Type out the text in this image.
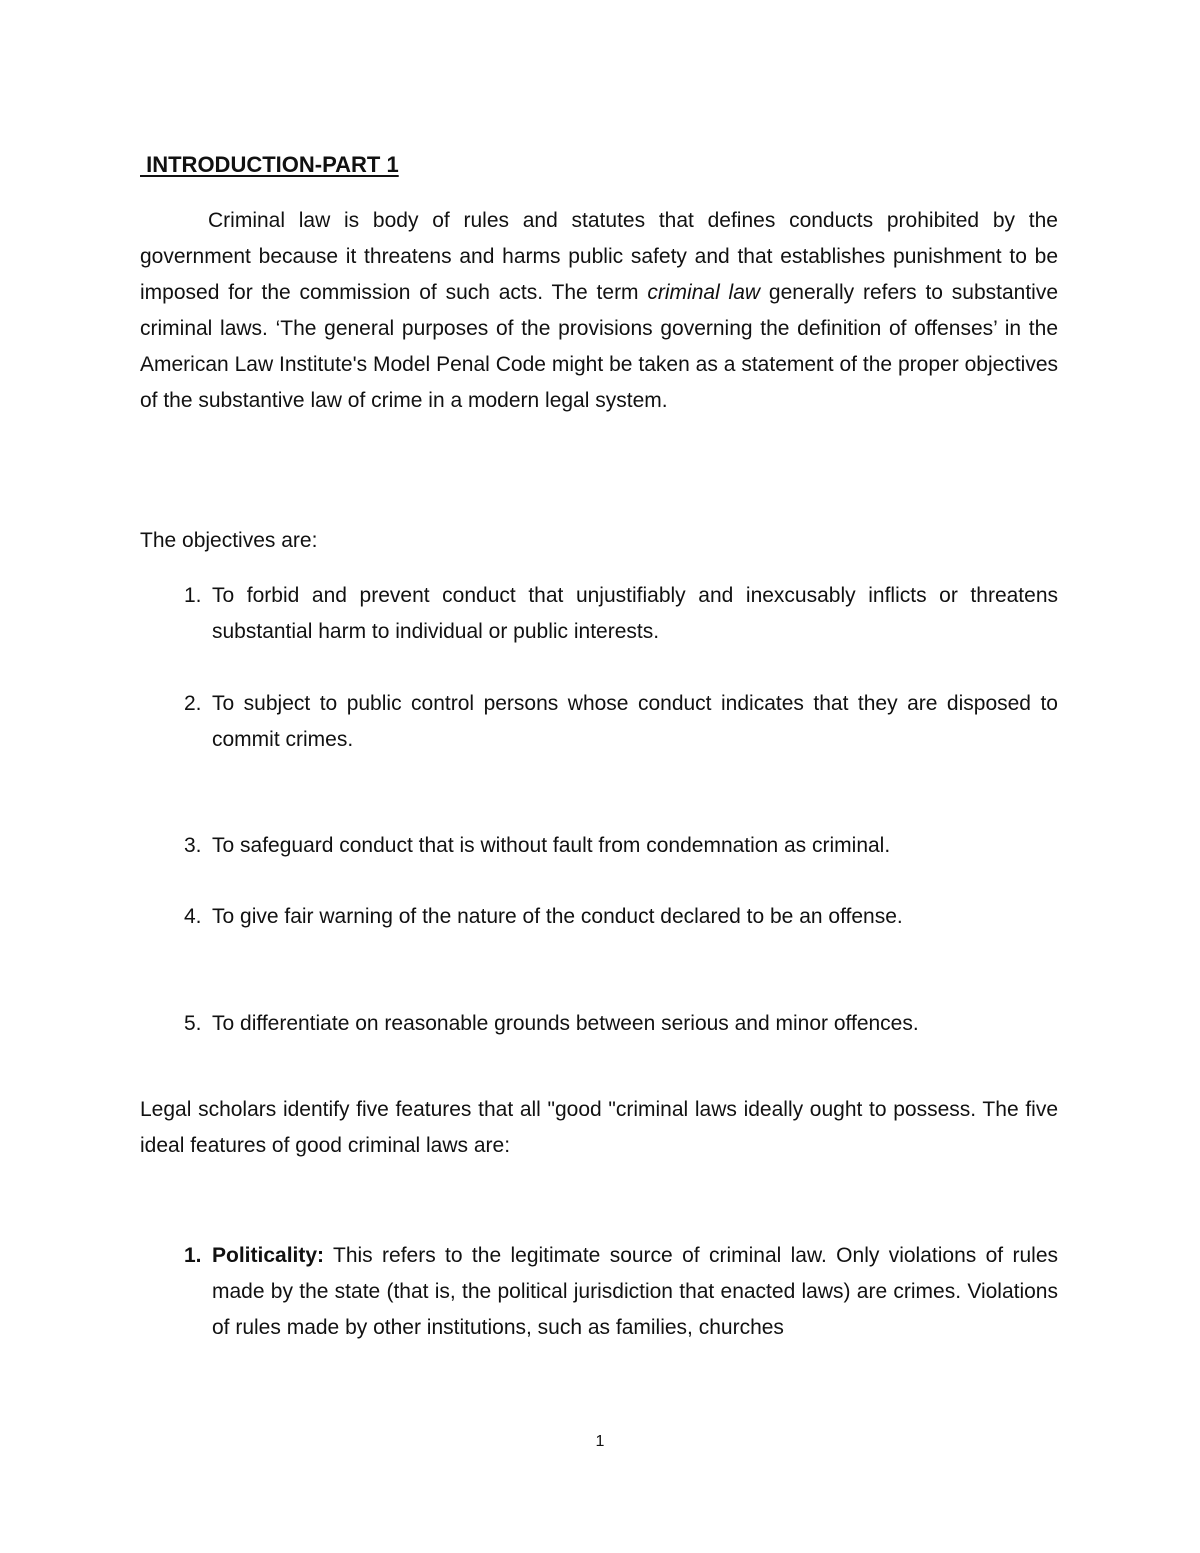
INTRODUCTION-PART 1

Criminal law is body of rules and statutes that defines conducts prohibited by the government because it threatens and harms public safety and that establishes punishment to be imposed for the commission of such acts. The term criminal law generally refers to substantive criminal laws. ‘The general purposes of the provisions governing the definition of offenses’ in the American Law Institute's Model Penal Code might be taken as a statement of the proper objectives of the substantive law of crime in a modern legal system.

The objectives are:

1. To forbid and prevent conduct that unjustifiably and inexcusably inflicts or threatens substantial harm to individual or public interests.
2. To subject to public control persons whose conduct indicates that they are disposed to commit crimes.
3. To safeguard conduct that is without fault from condemnation as criminal.
4. To give fair warning of the nature of the conduct declared to be an offense.
5. To differentiate on reasonable grounds between serious and minor offences.

Legal scholars identify five features that all "good "criminal laws ideally ought to possess. The five ideal features of good criminal laws are:

1. Politicality: This refers to the legitimate source of criminal law. Only violations of rules made by the state (that is, the political jurisdiction that enacted laws) are crimes. Violations of rules made by other institutions, such as families, churches
1
